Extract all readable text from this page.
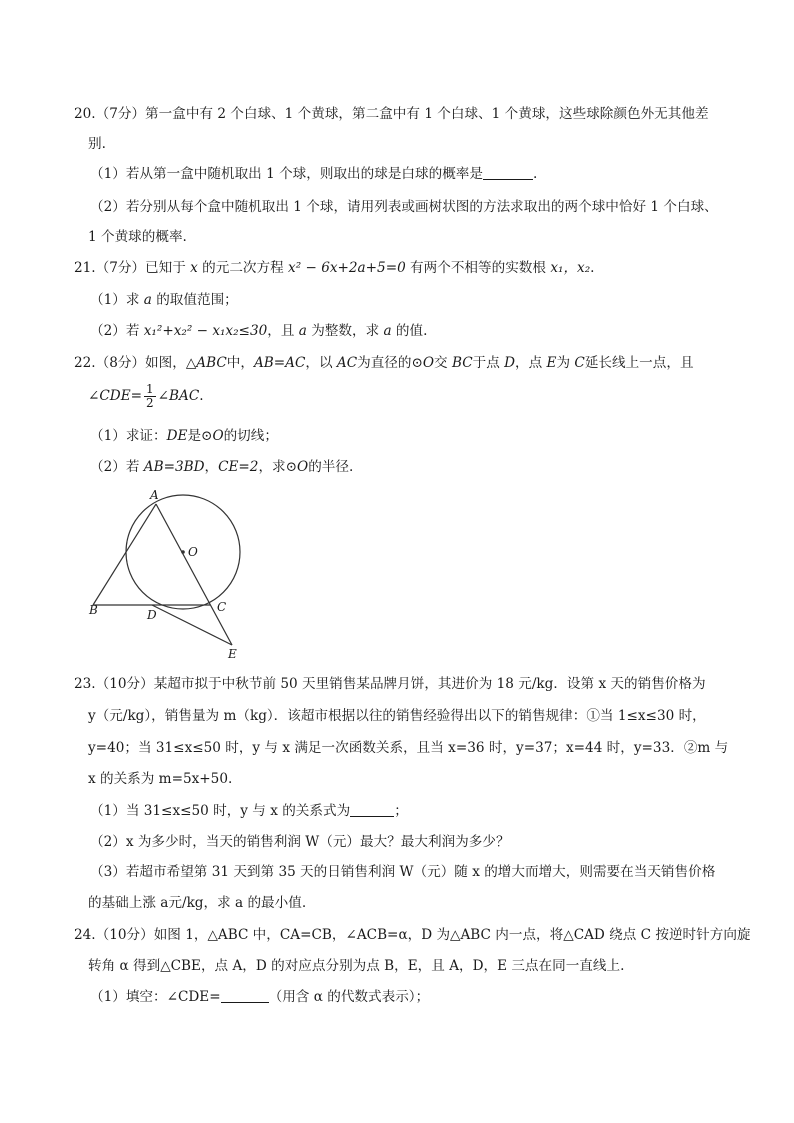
20.（7分）第一盒中有 2 个白球、1 个黄球，第二盒中有 1 个白球、1 个黄球，这些球除颜色外无其他差
别.
（1）若从第一盒中随机取出 1 个球，则取出的球是白球的概率是	.
（2）若分别从每个盒中随机取出 1 个球，请用列表或画树状图的方法求取出的两个球中恰好 1 个白球、
1 个黄球的概率.
21.（7分）已知于 x 的元二次方程 x² − 6x+2a+5=0 有两个不相等的实数根 x₁，x₂.
（1）求 a 的取值范围；
（2）若 x₁²+x₂² − x₁x₂≤30，且 a 为整数，求 a 的值.
22.（8分）如图，△ABC中，AB=AC，以 AC为直径的⊙O交 BC于点 D，点 E为 C延长线上一点，且
∠CDE= $\frac{1}{2}$ ∠BAC.
（1）求证：DE是⊙O的切线；
（2）若 AB=3BD，CE=2，求⊙O的半径.
A
O
B	D
C
E
23.（10分）某超市拟于中秋节前 50 天里销售某品牌月饼，其进价为 18 元/kg．设第 x 天的销售价格为
y（元/kg），销售量为 m（kg）．该超市根据以往的销售经验得出以下的销售规律：①当 1≤x≤30 时，
y=40；当 31≤x≤50 时，y 与 x 满足一次函数关系，且当 x=36 时，y=37；x=44 时，y=33．②m 与
x 的关系为 m=5x+50.
（1）当 31≤x≤50 时，y 与 x 的关系式为	；
（2）x 为多少时，当天的销售利润 W（元）最大？最大利润为多少？
（3）若超市希望第 31 天到第 35 天的日销售利润 W（元）随 x 的增大而增大，则需要在当天销售价格
的基础上涨 a元/kg，求 a 的最小值.
24.（10分）如图 1，△ABC 中，CA=CB，∠ACB=α，D 为△ABC 内一点，将△CAD 绕点 C 按逆时针方向旋
转角 α 得到△CBE，点 A，D 的对应点分别为点 B，E，且 A，D，E 三点在同一直线上.
（1）填空：∠CDE=	（用含 α 的代数式表示）；
